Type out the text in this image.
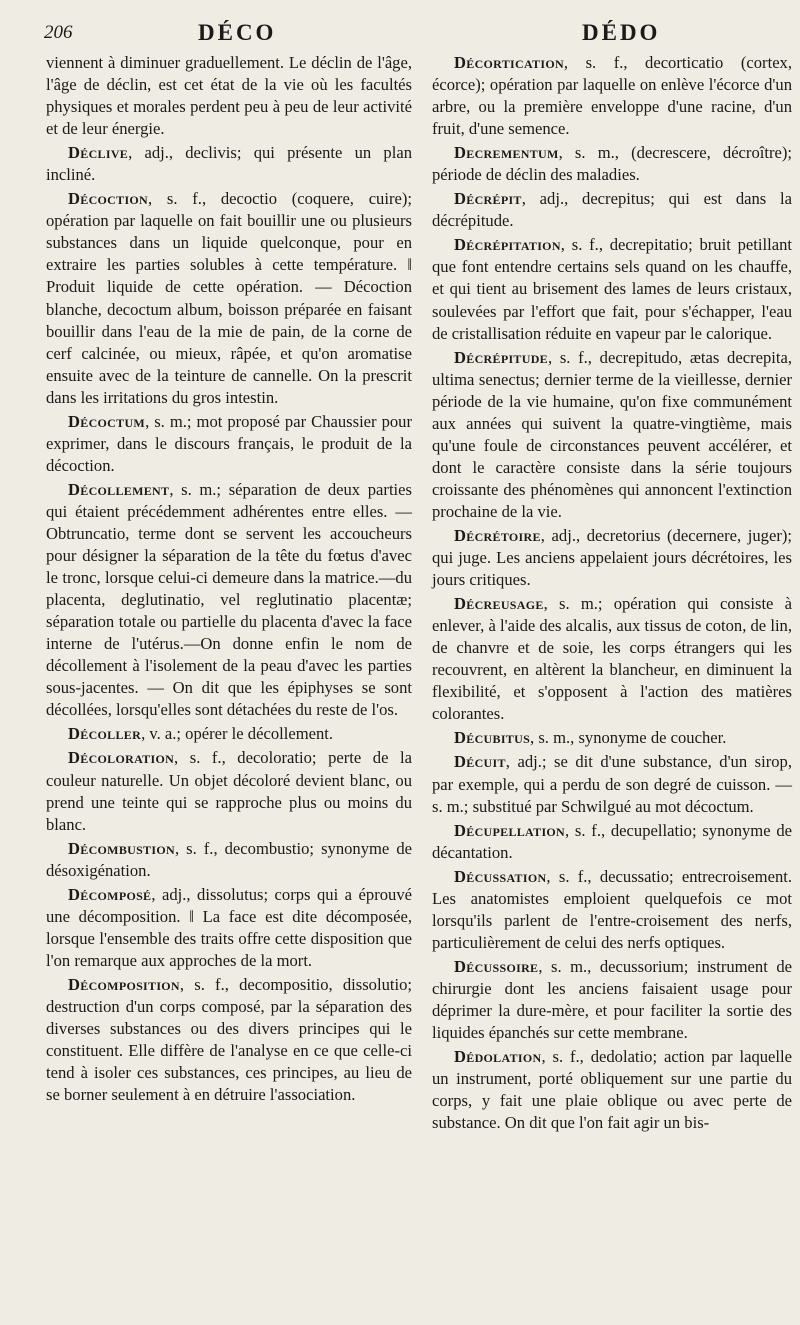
206	DÉCO	DÉDO

viennent à diminuer graduellement. Le déclin de l'âge, l'âge de déclin, est cet état de la vie où les facultés physiques et morales perdent peu à peu de leur activité et de leur énergie.

Déclive, adj., declivis; qui présente un plan incliné.

Décoction, s. f., decoctio (coquere, cuire); opération par laquelle on fait bouillir une ou plusieurs substances dans un liquide quelconque, pour en extraire les parties solubles à cette température. ‖ Produit liquide de cette opération. — Décoction blanche, decoctum album, boisson préparée en faisant bouillir dans l'eau de la mie de pain, de la corne de cerf calcinée, ou mieux, râpée, et qu'on aromatise ensuite avec de la teinture de cannelle. On la prescrit dans les irritations du gros intestin.

Décoctum, s. m.; mot proposé par Chaussier pour exprimer, dans le discours français, le produit de la décoction.

Décollement, s. m.; séparation de deux parties qui étaient précédemment adhérentes entre elles. — Obtruncatio, terme dont se servent les accoucheurs pour désigner la séparation de la tête du fœtus d'avec le tronc, lorsque celui-ci demeure dans la matrice.—du placenta, deglutinatio, vel reglutinatio placentæ; séparation totale ou partielle du placenta d'avec la face interne de l'utérus.—On donne enfin le nom de décollement à l'isolement de la peau d'avec les parties sous-jacentes. — On dit que les épiphyses se sont décollées, lorsqu'elles sont détachées du reste de l'os.

Décoller, v. a.; opérer le décollement.

Décoloration, s. f., decoloratio; perte de la couleur naturelle. Un objet décoloré devient blanc, ou prend une teinte qui se rapproche plus ou moins du blanc.

Décombustion, s. f., decombustio; synonyme de désoxigénation.

Décomposé, adj., dissolutus; corps qui a éprouvé une décomposition. ‖ La face est dite décomposée, lorsque l'ensemble des traits offre cette disposition que l'on remarque aux approches de la mort.

Décomposition, s. f., decompositio, dissolutio; destruction d'un corps composé, par la séparation des diverses substances ou des divers principes qui le constituent. Elle diffère de l'analyse en ce que celle-ci tend à isoler ces substances, ces principes, au lieu de se borner seulement à en détruire l'association.

Décortication, s. f., decorticatio (cortex, écorce); opération par laquelle on enlève l'écorce d'un arbre, ou la première enveloppe d'une racine, d'un fruit, d'une semence.

Decrementum, s. m., (decrescere, décroître); période de déclin des maladies.

Décrépit, adj., decrepitus; qui est dans la décrépitude.

Décrépitation, s. f., decrepitatio; bruit petillant que font entendre certains sels quand on les chauffe, et qui tient au brisement des lames de leurs cristaux, soulevées par l'effort que fait, pour s'échapper, l'eau de cristallisation réduite en vapeur par le calorique.

Décrépitude, s. f., decrepitudo, ætas decrepita, ultima senectus; dernier terme de la vieillesse, dernier période de la vie humaine, qu'on fixe communément aux années qui suivent la quatre-vingtième, mais qu'une foule de circonstances peuvent accélérer, et dont le caractère consiste dans la série toujours croissante des phénomènes qui annoncent l'extinction prochaine de la vie.

Décrétoire, adj., decretorius (decernere, juger); qui juge. Les anciens appelaient jours décrétoires, les jours critiques.

Décreusage, s. m.; opération qui consiste à enlever, à l'aide des alcalis, aux tissus de coton, de lin, de chanvre et de soie, les corps étrangers qui les recouvrent, en altèrent la blancheur, en diminuent la flexibilité, et s'opposent à l'action des matières colorantes.

Décubitus, s. m., synonyme de coucher.

Décuit, adj.; se dit d'une substance, d'un sirop, par exemple, qui a perdu de son degré de cuisson. — s. m.; substitué par Schwilgué au mot décoctum.

Décupellation, s. f., decupellatio; synonyme de décantation.

Décussation, s. f., decussatio; entrecroisement. Les anatomistes emploient quelquefois ce mot lorsqu'ils parlent de l'entre-croisement des nerfs, particulièrement de celui des nerfs optiques.

Décussoire, s. m., decussorium; instrument de chirurgie dont les anciens faisaient usage pour déprimer la dure-mère, et pour faciliter la sortie des liquides épanchés sur cette membrane.

Dédolation, s. f., dedolatio; action par laquelle un instrument, porté obliquement sur une partie du corps, y fait une plaie oblique ou avec perte de substance. On dit que l'on fait agir un bis-
